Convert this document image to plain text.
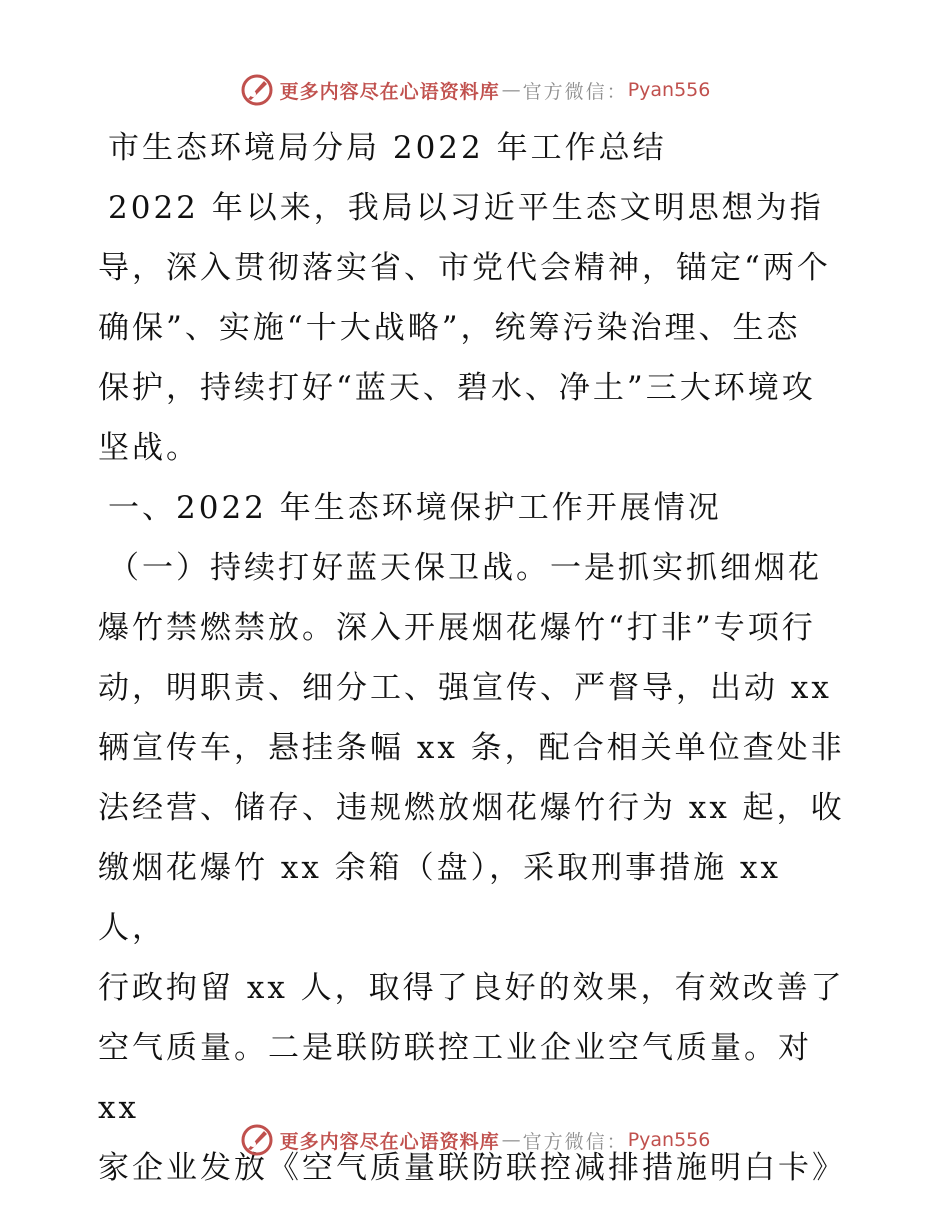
更多内容尽在心语资料库 — 官方微信： Pyan556

市生态环境局分局 2022 年工作总结

2022 年以来，我局以习近平生态文明思想为指

导，深入贯彻落实省、市党代会精神，锚定“两个

确保”、实施“十大战略”，统筹污染治理、生态

保护，持续打好“蓝天、碧水、净土”三大环境攻

坚战。

一、2022 年生态环境保护工作开展情况

（一）持续打好蓝天保卫战。一是抓实抓细烟花

爆竹禁燃禁放。深入开展烟花爆竹“打非”专项行

动，明职责、细分工、强宣传、严督导，出动 xx

辆宣传车，悬挂条幅 xx 条，配合相关单位查处非

法经营、储存、违规燃放烟花爆竹行为 xx 起，收

缴烟花爆竹 xx 余箱（盘），采取刑事措施 xx 人，

行政拘留 xx 人，取得了良好的效果，有效改善了

空气质量。二是联防联控工业企业空气质量。对 xx

家企业发放《空气质量联防联控减排措施明白卡》

更多内容尽在心语资料库 — 官方微信： Pyan556
